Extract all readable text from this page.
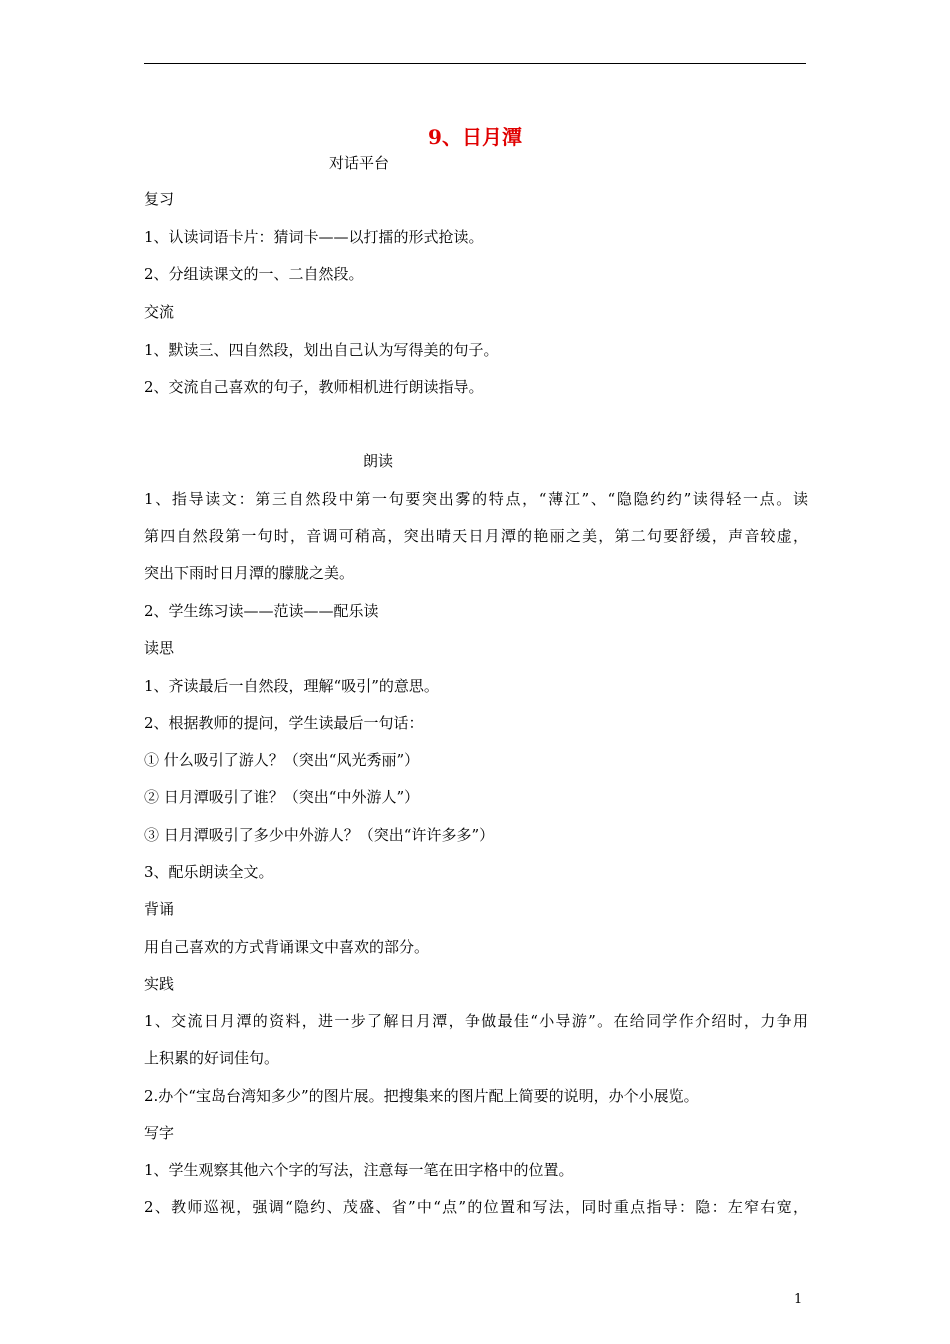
9、日月潭
对话平台
复习
1、认读词语卡片：猜词卡——以打擂的形式抢读。
2、分组读课文的一、二自然段。
交流
1、默读三、四自然段，划出自己认为写得美的句子。
2、交流自己喜欢的句子，教师相机进行朗读指导。
朗读
1、指导读文：第三自然段中第一句要突出雾的特点，“薄江”、“隐隐约约”读得轻一点。读
第四自然段第一句时，音调可稍高，突出晴天日月潭的艳丽之美，第二句要舒缓，声音较虚，
突出下雨时日月潭的朦胧之美。
2、学生练习读——范读——配乐读
读思
1、齐读最后一自然段，理解“吸引”的意思。
2、根据教师的提问，学生读最后一句话：
① 什么吸引了游人？（突出“风光秀丽”）
② 日月潭吸引了谁？（突出“中外游人”）
③ 日月潭吸引了多少中外游人？（突出“许许多多”）
3、配乐朗读全文。
背诵
用自己喜欢的方式背诵课文中喜欢的部分。
实践
1、交流日月潭的资料，进一步了解日月潭，争做最佳“小导游”。在给同学作介绍时，力争用
上积累的好词佳句。
2.办个“宝岛台湾知多少”的图片展。把搜集来的图片配上简要的说明，办个小展览。
写字
1、学生观察其他六个字的写法，注意每一笔在田字格中的位置。
2、教师巡视，强调“隐约、茂盛、省”中“点”的位置和写法，同时重点指导：隐：左窄右宽，
1
